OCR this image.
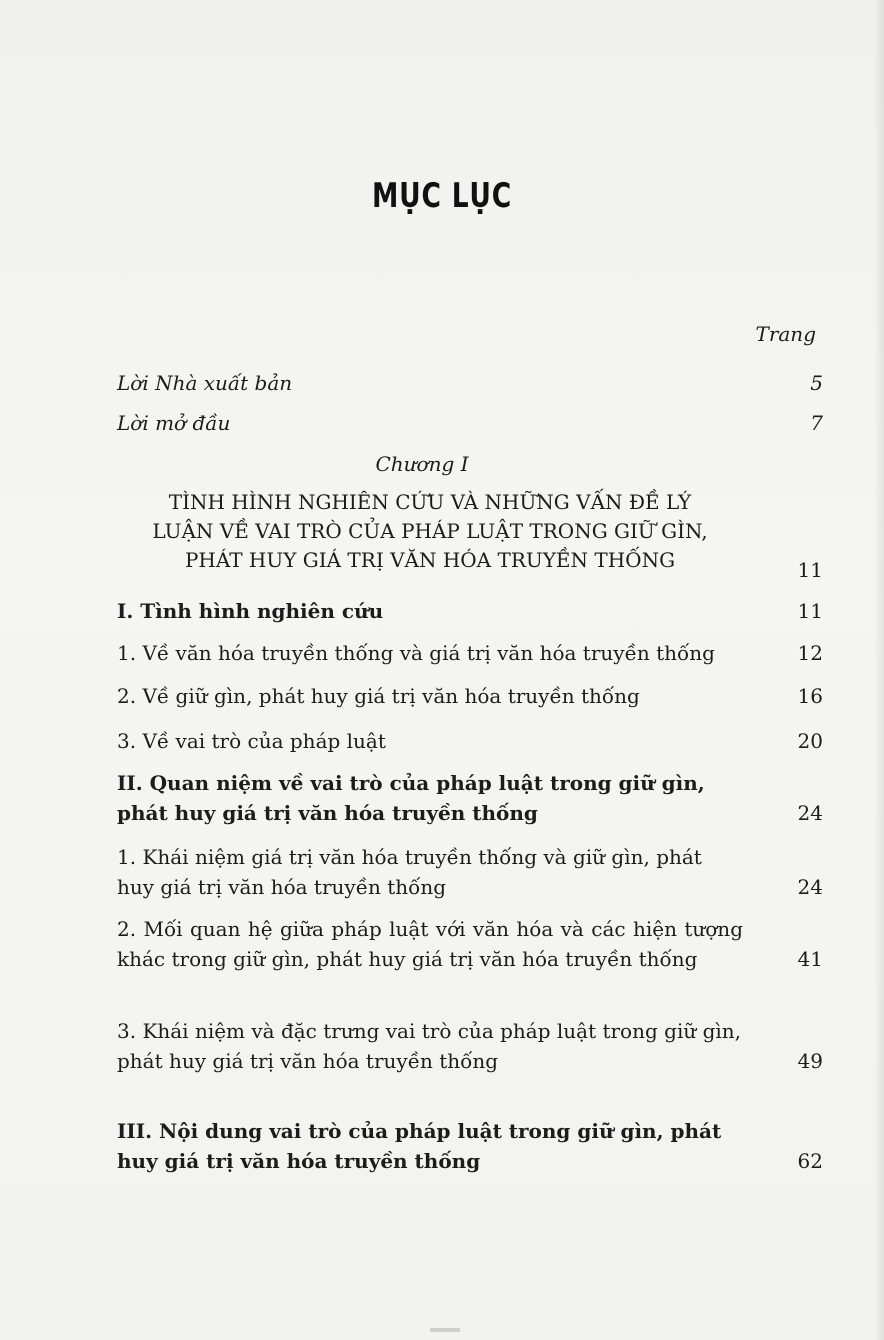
MỤC LỤC
Trang
Lời Nhà xuất bản	5
Lời mở đầu	7
Chương I
TÌNH HÌNH NGHIÊN CỨU VÀ NHỮNG VẤN ĐỀ LÝ
LUẬN VỀ VAI TRÒ CỦA PHÁP LUẬT TRONG GIỮ GÌN,
PHÁT HUY GIÁ TRỊ VĂN HÓA TRUYỀN THỐNG	11
I. Tình hình nghiên cứu	11
1. Về văn hóa truyền thống và giá trị văn hóa truyền thống	12
2. Về giữ gìn, phát huy giá trị văn hóa truyền thống	16
3. Về vai trò của pháp luật	20
II. Quan niệm về vai trò của pháp luật trong giữ gìn, phát huy giá trị văn hóa truyền thống	24
1. Khái niệm giá trị văn hóa truyền thống và giữ gìn, phát huy giá trị văn hóa truyền thống	24
2. Mối quan hệ giữa pháp luật với văn hóa và các hiện tượng khác trong giữ gìn, phát huy giá trị văn hóa truyền thống	41
3. Khái niệm và đặc trưng vai trò của pháp luật trong giữ gìn, phát huy giá trị văn hóa truyền thống	49
III. Nội dung vai trò của pháp luật trong giữ gìn, phát huy giá trị văn hóa truyền thống	62
